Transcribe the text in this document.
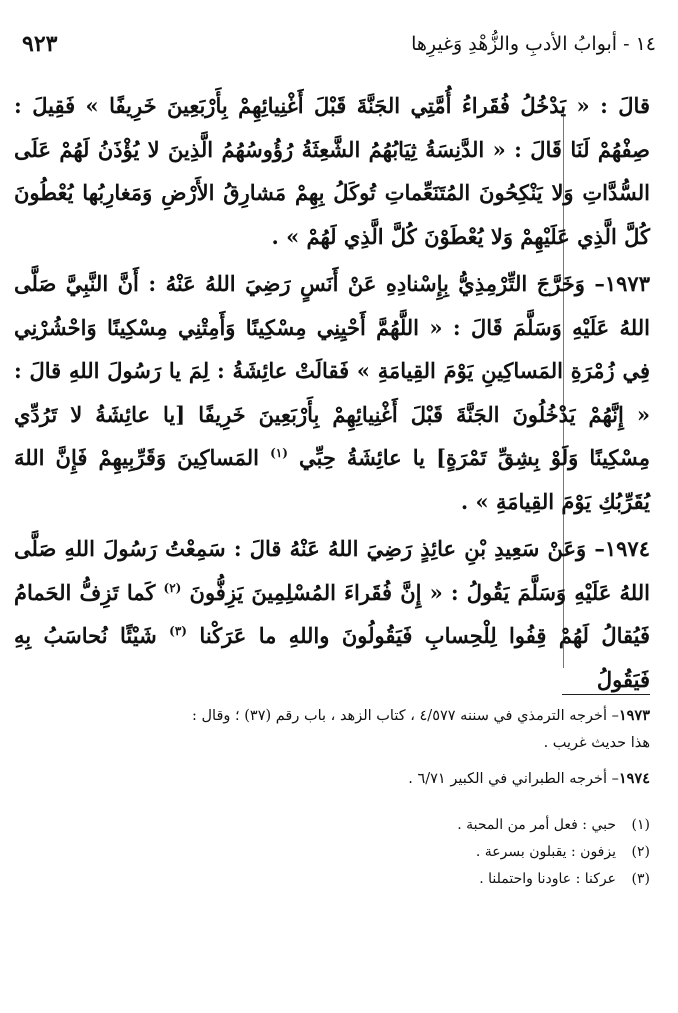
١٤ - أبوابُ الأدبِ والزُّهْدِ وَغيرِها
٩٢٣

قالَ : « يَدْخُلُ فُقَراءُ أُمَّتِي الجَنَّةَ قَبْلَ أَغْنِيائِهِمْ بِأَرْبَعِينَ خَرِيفًا » فَقِيلَ : صِفْهُمْ لَنَا قَالَ : « الدَّنِسَةُ ثِيَابُهُمُ الشَّعِثَةُ رُؤُوسُهُمُ الَّذِينَ لا يُؤْذَنُ لَهُمْ عَلَى السُّدَّاتِ وَلا يَنْكِحُونَ المُتَنَعِّماتِ تُوكَلُ بِهِمْ مَشارِقُ الأَرْضِ وَمَغارِبُها يُعْطُونَ كُلَّ الَّذِي عَلَيْهِمْ وَلا يُعْطَوْنَ كُلَّ الَّذِي لَهُمْ » .

١٩٧٣– وَخَرَّجَ التِّرْمِذِيُّ بِإِسْنادِهِ عَنْ أَنَسٍ رَضِيَ اللهُ عَنْهُ : أَنَّ النَّبِيَّ صَلَّى اللهُ عَلَيْهِ وَسَلَّمَ قَالَ : « اللَّهُمَّ أَحْيِنِي مِسْكِينًا وَأَمِتْنِي مِسْكِينًا وَاحْشُرْنِي فِي زُمْرَةِ المَساكِينِ يَوْمَ القِيامَةِ » فَقالَتْ عائِشَةُ : لِمَ يا رَسُولَ اللهِ قالَ : « إِنَّهُمْ يَدْخُلُونَ الجَنَّةَ قَبْلَ أَغْنِيائِهِمْ بِأَرْبَعِينَ خَرِيفًا [يا عائِشَةُ لا تَرُدِّي مِسْكِينًا وَلَوْ بِشِقِّ تَمْرَةٍ] يا عائِشَةُ حِبِّي $^{(١)}$ المَساكِينَ وَقَرِّبِيهِمْ فَإِنَّ اللهَ يُقَرِّبُكِ يَوْمَ القِيامَةِ » .

١٩٧٤– وَعَنْ سَعِيدِ بْنِ عائِذٍ رَضِيَ اللهُ عَنْهُ قالَ : سَمِعْتُ رَسُولَ اللهِ صَلَّى اللهُ عَلَيْهِ وَسَلَّمَ يَقُولُ : « إِنَّ فُقَراءَ المُسْلِمِينَ يَزِفُّونَ $^{(٢)}$ كَما تَزِفُّ الحَمامُ فَيُقالُ لَهُمْ قِفُوا لِلْحِسابِ فَيَقُولُونَ واللهِ ما عَرَكْنا $^{(٣)}$ شَيْئًا نُحاسَبُ بِهِ فَيَقُولُ

١٩٧٣– أخرجه الترمذي في سننه ٤/٥٧٧ ، كتاب الزهد ، باب رقم (٣٧) ؛ وقال : هذا حديث غريب .

١٩٧٤– أخرجه الطبراني في الكبير ٦/٧١ .

(١)حبي : فعل أمر من المحبة .

(٢)يزفون : يقبلون بسرعة .

(٣)عركنا : عاودنا واحتملنا .
